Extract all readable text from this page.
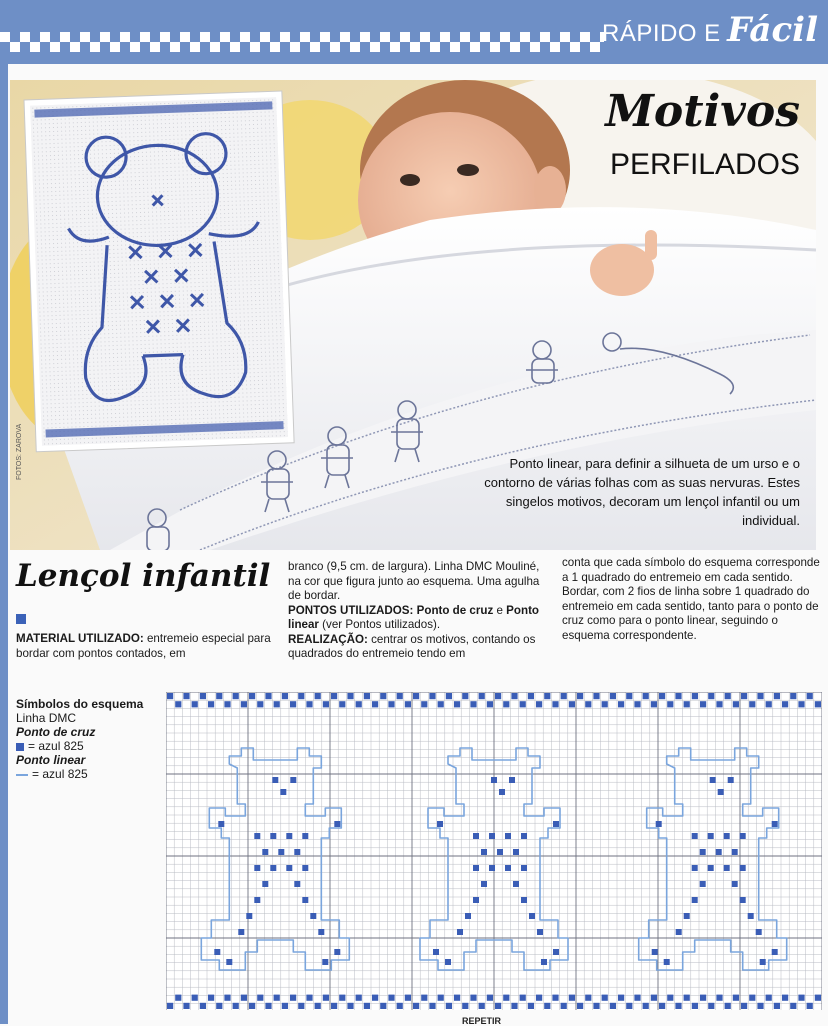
RÁPIDO E Fácil
Motivos
PERFILADOS
Ponto linear, para definir a silhueta de um urso e o contorno de várias folhas com as suas nervuras. Estes singelos motivos, decoram um lençol infantil ou um individual.
FOTOS: ZAROVA
Lençol infantil
MATERIAL UTILIZADO: entremeio especial para bordar com pontos contados, em
branco (9,5 cm. de largura). Linha DMC Mouliné, na cor que figura junto ao esquema. Uma agulha de bordar.
PONTOS UTILIZADOS: Ponto de cruz e Ponto linear (ver Pontos utilizados).
REALIZAÇÃO: centrar os motivos, contando os quadrados do entremeio tendo em
conta que cada símbolo do esquema corresponde a 1 quadrado do entremeio em cada sentido. Bordar, com 2 fios de linha sobre 1 quadrado do entremeio em cada sentido, tanto para o ponto de cruz como para o ponto linear, seguindo o esquema correspondente.
Símbolos do esquema
Linha DMC
Ponto de cruz
= azul 825
Ponto linear
= azul 825
REPETIR
